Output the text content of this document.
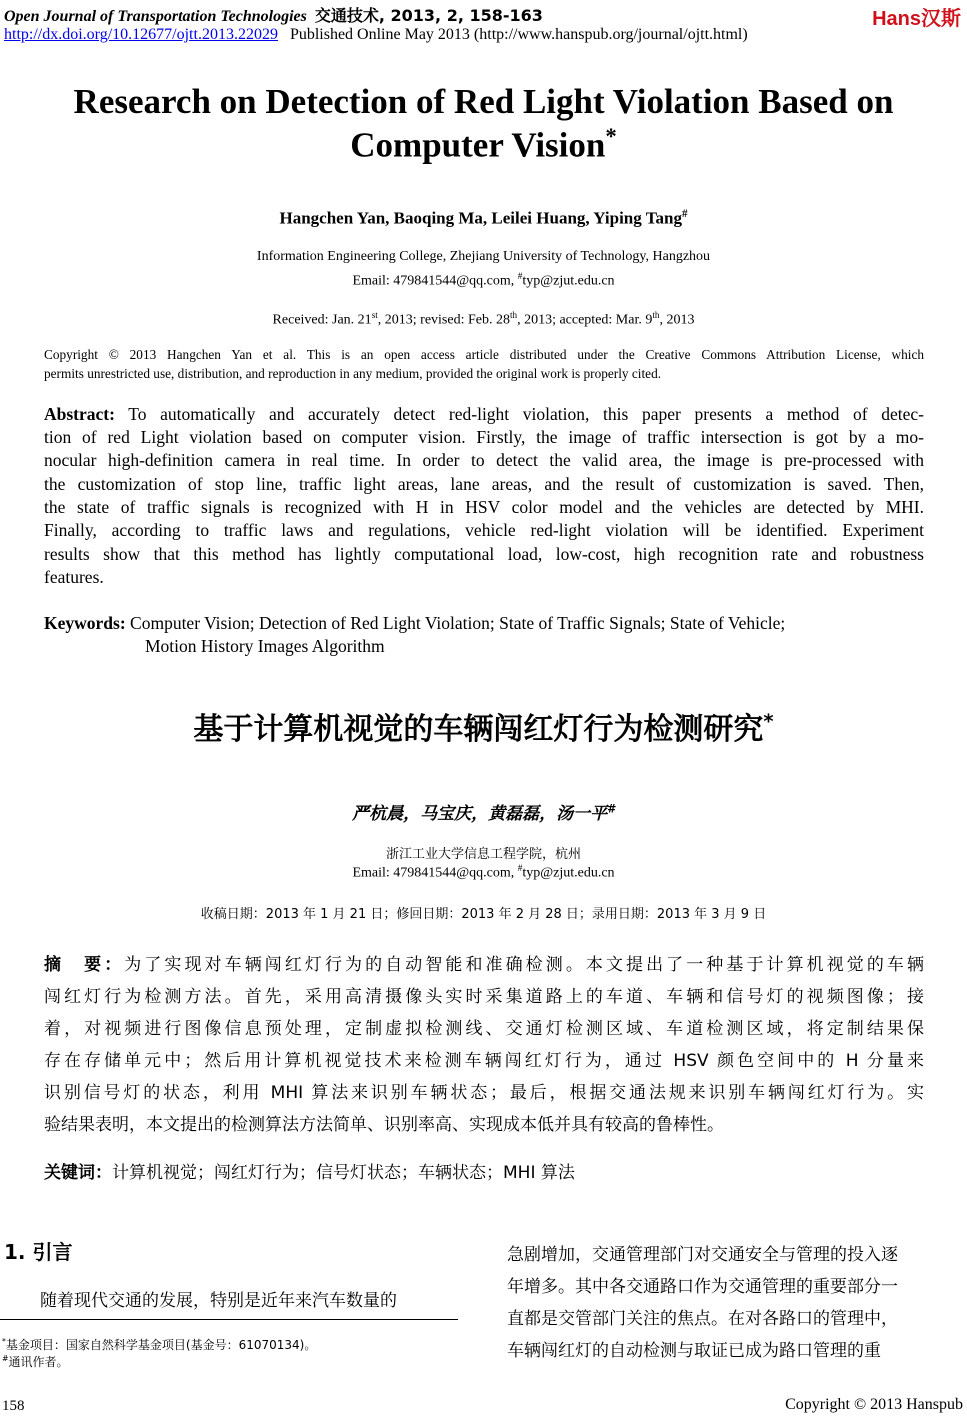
Open Journal of Transportation Technologies 交通技术, 2013, 2, 158-163
http://dx.doi.org/10.12677/ojtt.2013.22029 Published Online May 2013 (http://www.hanspub.org/journal/ojtt.html)
Hans汉斯
Research on Detection of Red Light Violation Based on
Computer Vision*
Hangchen Yan, Baoqing Ma, Leilei Huang, Yiping Tang#
Information Engineering College, Zhejiang University of Technology, Hangzhou
Email: 479841544@qq.com, #typ@zjut.edu.cn
Received: Jan. 21st, 2013; revised: Feb. 28th, 2013; accepted: Mar. 9th, 2013
Copyright © 2013 Hangchen Yan et al. This is an open access article distributed under the Creative Commons Attribution License, which
permits unrestricted use, distribution, and reproduction in any medium, provided the original work is properly cited.
Abstract: To automatically and accurately detect red-light violation, this paper presents a method of detec-
tion of red Light violation based on computer vision. Firstly, the image of traffic intersection is got by a mo-
nocular high-definition camera in real time. In order to detect the valid area, the image is pre-processed with
the customization of stop line, traffic light areas, lane areas, and the result of customization is saved. Then,
the state of traffic signals is recognized with H in HSV color model and the vehicles are detected by MHI.
Finally, according to traffic laws and regulations, vehicle red-light violation will be identified. Experiment
results show that this method has lightly computational load, low-cost, high recognition rate and robustness
features.
Keywords: Computer Vision; Detection of Red Light Violation; State of Traffic Signals; State of Vehicle;
Motion History Images Algorithm
基于计算机视觉的车辆闯红灯行为检测研究*
严杭晨，马宝庆，黄磊磊，汤一平#
浙江工业大学信息工程学院，杭州
Email: 479841544@qq.com, #typ@zjut.edu.cn
收稿日期：2013 年 1 月 21 日；修回日期：2013 年 2 月 28 日；录用日期：2013 年 3 月 9 日
摘　要：为了实现对车辆闯红灯行为的自动智能和准确检测。本文提出了一种基于计算机视觉的车辆
闯红灯行为检测方法。首先，采用高清摄像头实时采集道路上的车道、车辆和信号灯的视频图像；接
着，对视频进行图像信息预处理，定制虚拟检测线、交通灯检测区域、车道检测区域，将定制结果保
存在存储单元中；然后用计算机视觉技术来检测车辆闯红灯行为，通过 HSV 颜色空间中的 H 分量来
识别信号灯的状态，利用 MHI 算法来识别车辆状态；最后，根据交通法规来识别车辆闯红灯行为。实
验结果表明，本文提出的检测算法方法简单、识别率高、实现成本低并具有较高的鲁棒性。
关键词：计算机视觉；闯红灯行为；信号灯状态；车辆状态；MHI 算法
1. 引言
随着现代交通的发展，特别是近年来汽车数量的
*基金项目：国家自然科学基金项目(基金号：61070134)。
#通讯作者。
急剧增加，交通管理部门对交通安全与管理的投入逐
年增多。其中各交通路口作为交通管理的重要部分一
直都是交管部门关注的焦点。在对各路口的管理中，
车辆闯红灯的自动检测与取证已成为路口管理的重
158	Copyright © 2013 Hanspub
